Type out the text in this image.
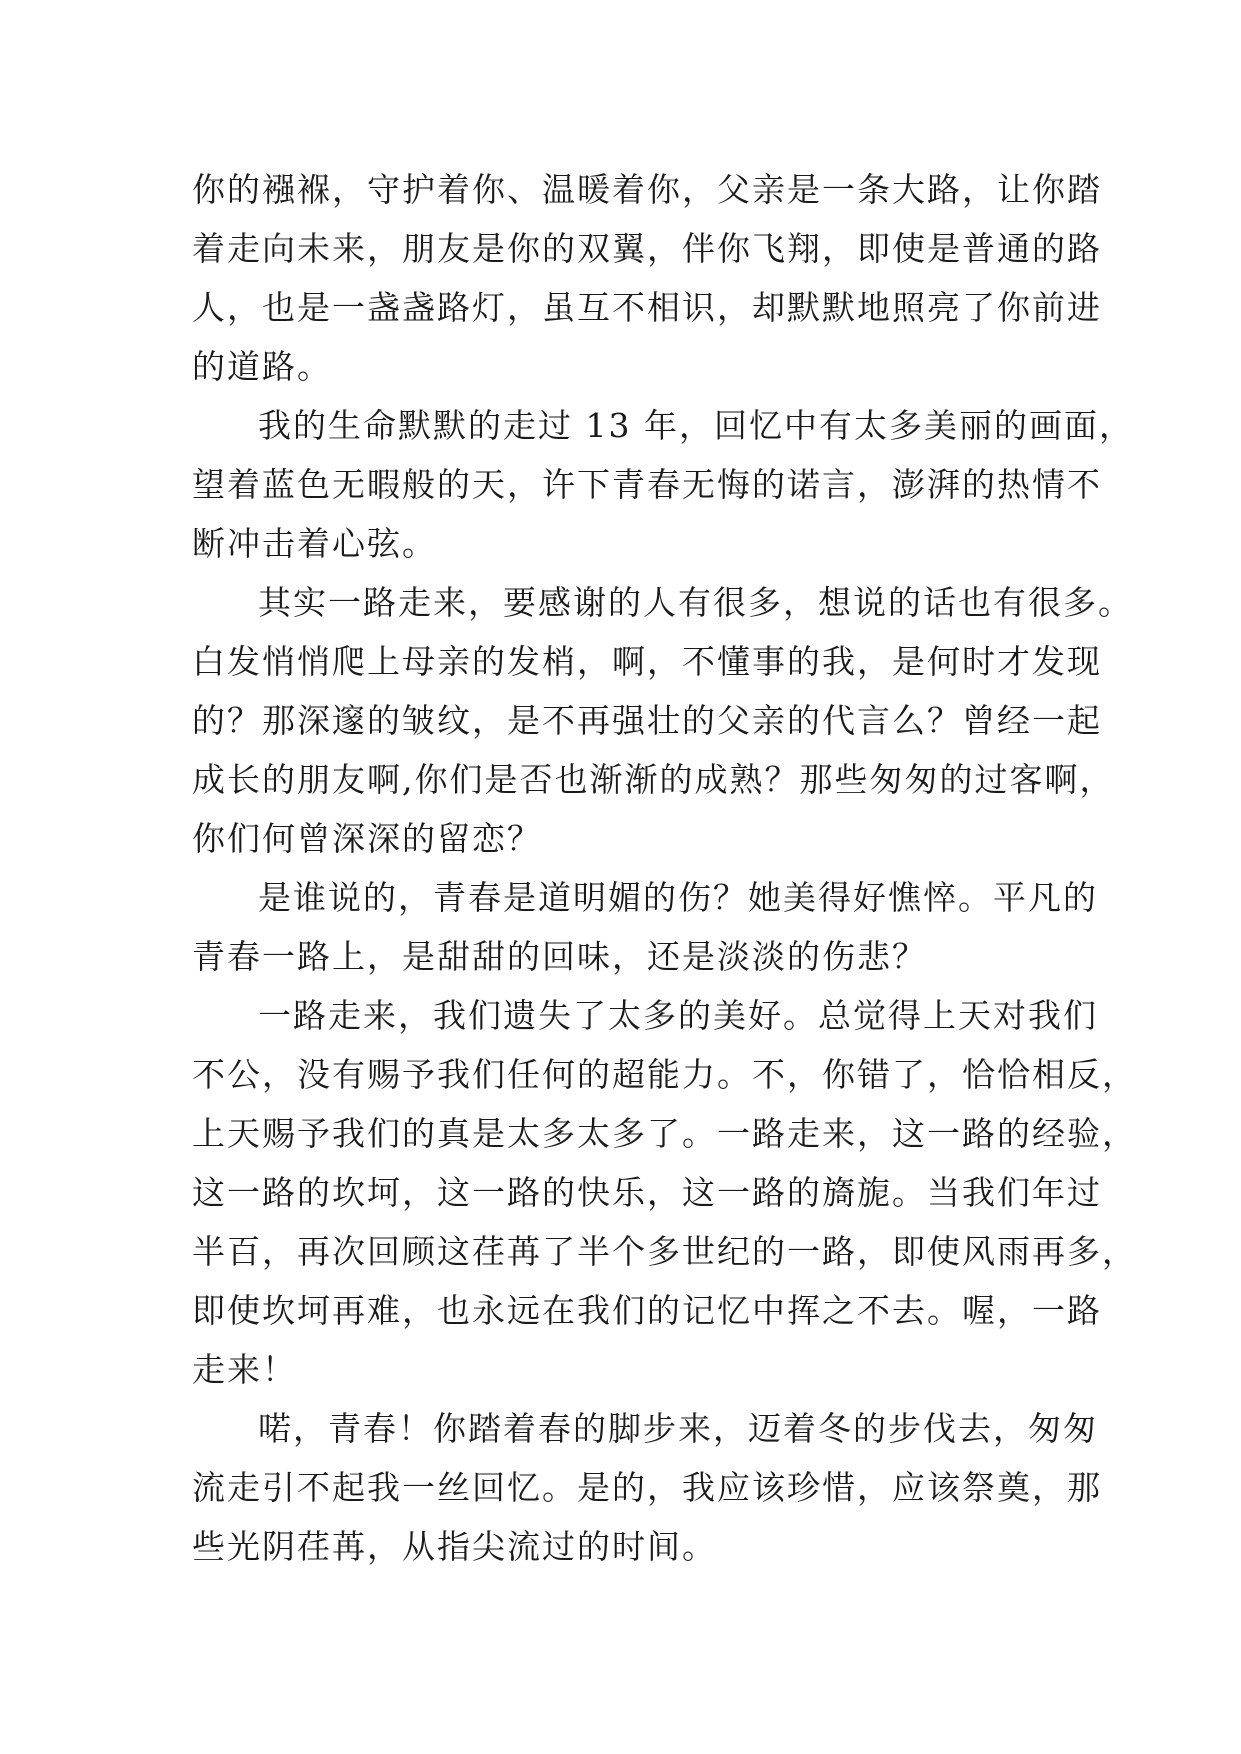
你的襁褓，守护着你、温暖着你，父亲是一条大路，让你踏
着走向未来，朋友是你的双翼，伴你飞翔，即使是普通的路
人，也是一盏盏路灯，虽互不相识，却默默地照亮了你前进
的道路。
我的生命默默的走过 13 年，回忆中有太多美丽的画面，
望着蓝色无暇般的天，许下青春无悔的诺言，澎湃的热情不
断冲击着心弦。
其实一路走来，要感谢的人有很多，想说的话也有很多。
白发悄悄爬上母亲的发梢，啊，不懂事的我，是何时才发现
的？那深邃的皱纹，是不再强壮的父亲的代言么？曾经一起
成长的朋友啊,你们是否也渐渐的成熟？那些匆匆的过客啊，
你们何曾深深的留恋？
是谁说的，青春是道明媚的伤？她美得好憔悴。平凡的
青春一路上，是甜甜的回味，还是淡淡的伤悲？
一路走来，我们遗失了太多的美好。总觉得上天对我们
不公，没有赐予我们任何的超能力。不，你错了，恰恰相反，
上天赐予我们的真是太多太多了。一路走来，这一路的经验，
这一路的坎坷，这一路的快乐，这一路的旖旎。当我们年过
半百，再次回顾这荏苒了半个多世纪的一路，即使风雨再多，
即使坎坷再难，也永远在我们的记忆中挥之不去。喔，一路
走来！
喏，青春！你踏着春的脚步来，迈着冬的步伐去，匆匆
流走引不起我一丝回忆。是的，我应该珍惜，应该祭奠，那
些光阴荏苒，从指尖流过的时间。
